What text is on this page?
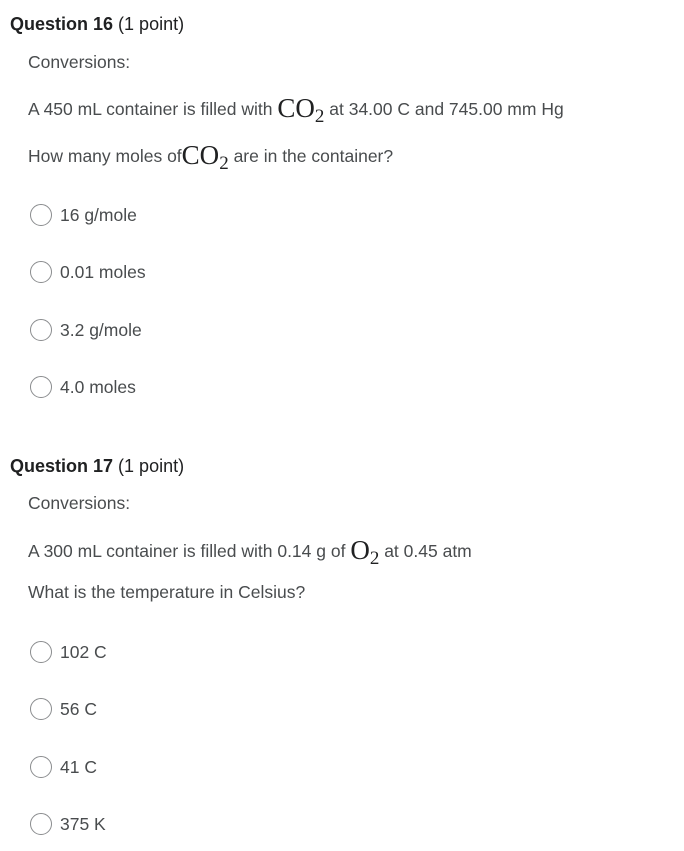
Question 16 (1 point)
Conversions:
A 450 mL container is filled with $CO_2$ at 34.00 C and 745.00 mm Hg
How many moles ofCO$_2$ are in the container?
16 g/mole
0.01 moles
3.2 g/mole
4.0 moles
Question 17 (1 point)
Conversions:
A 300 mL container is filled with 0.14 g of $O_2$ at 0.45 atm
What is the temperature in Celsius?
102 C
56 C
41 C
375 K
